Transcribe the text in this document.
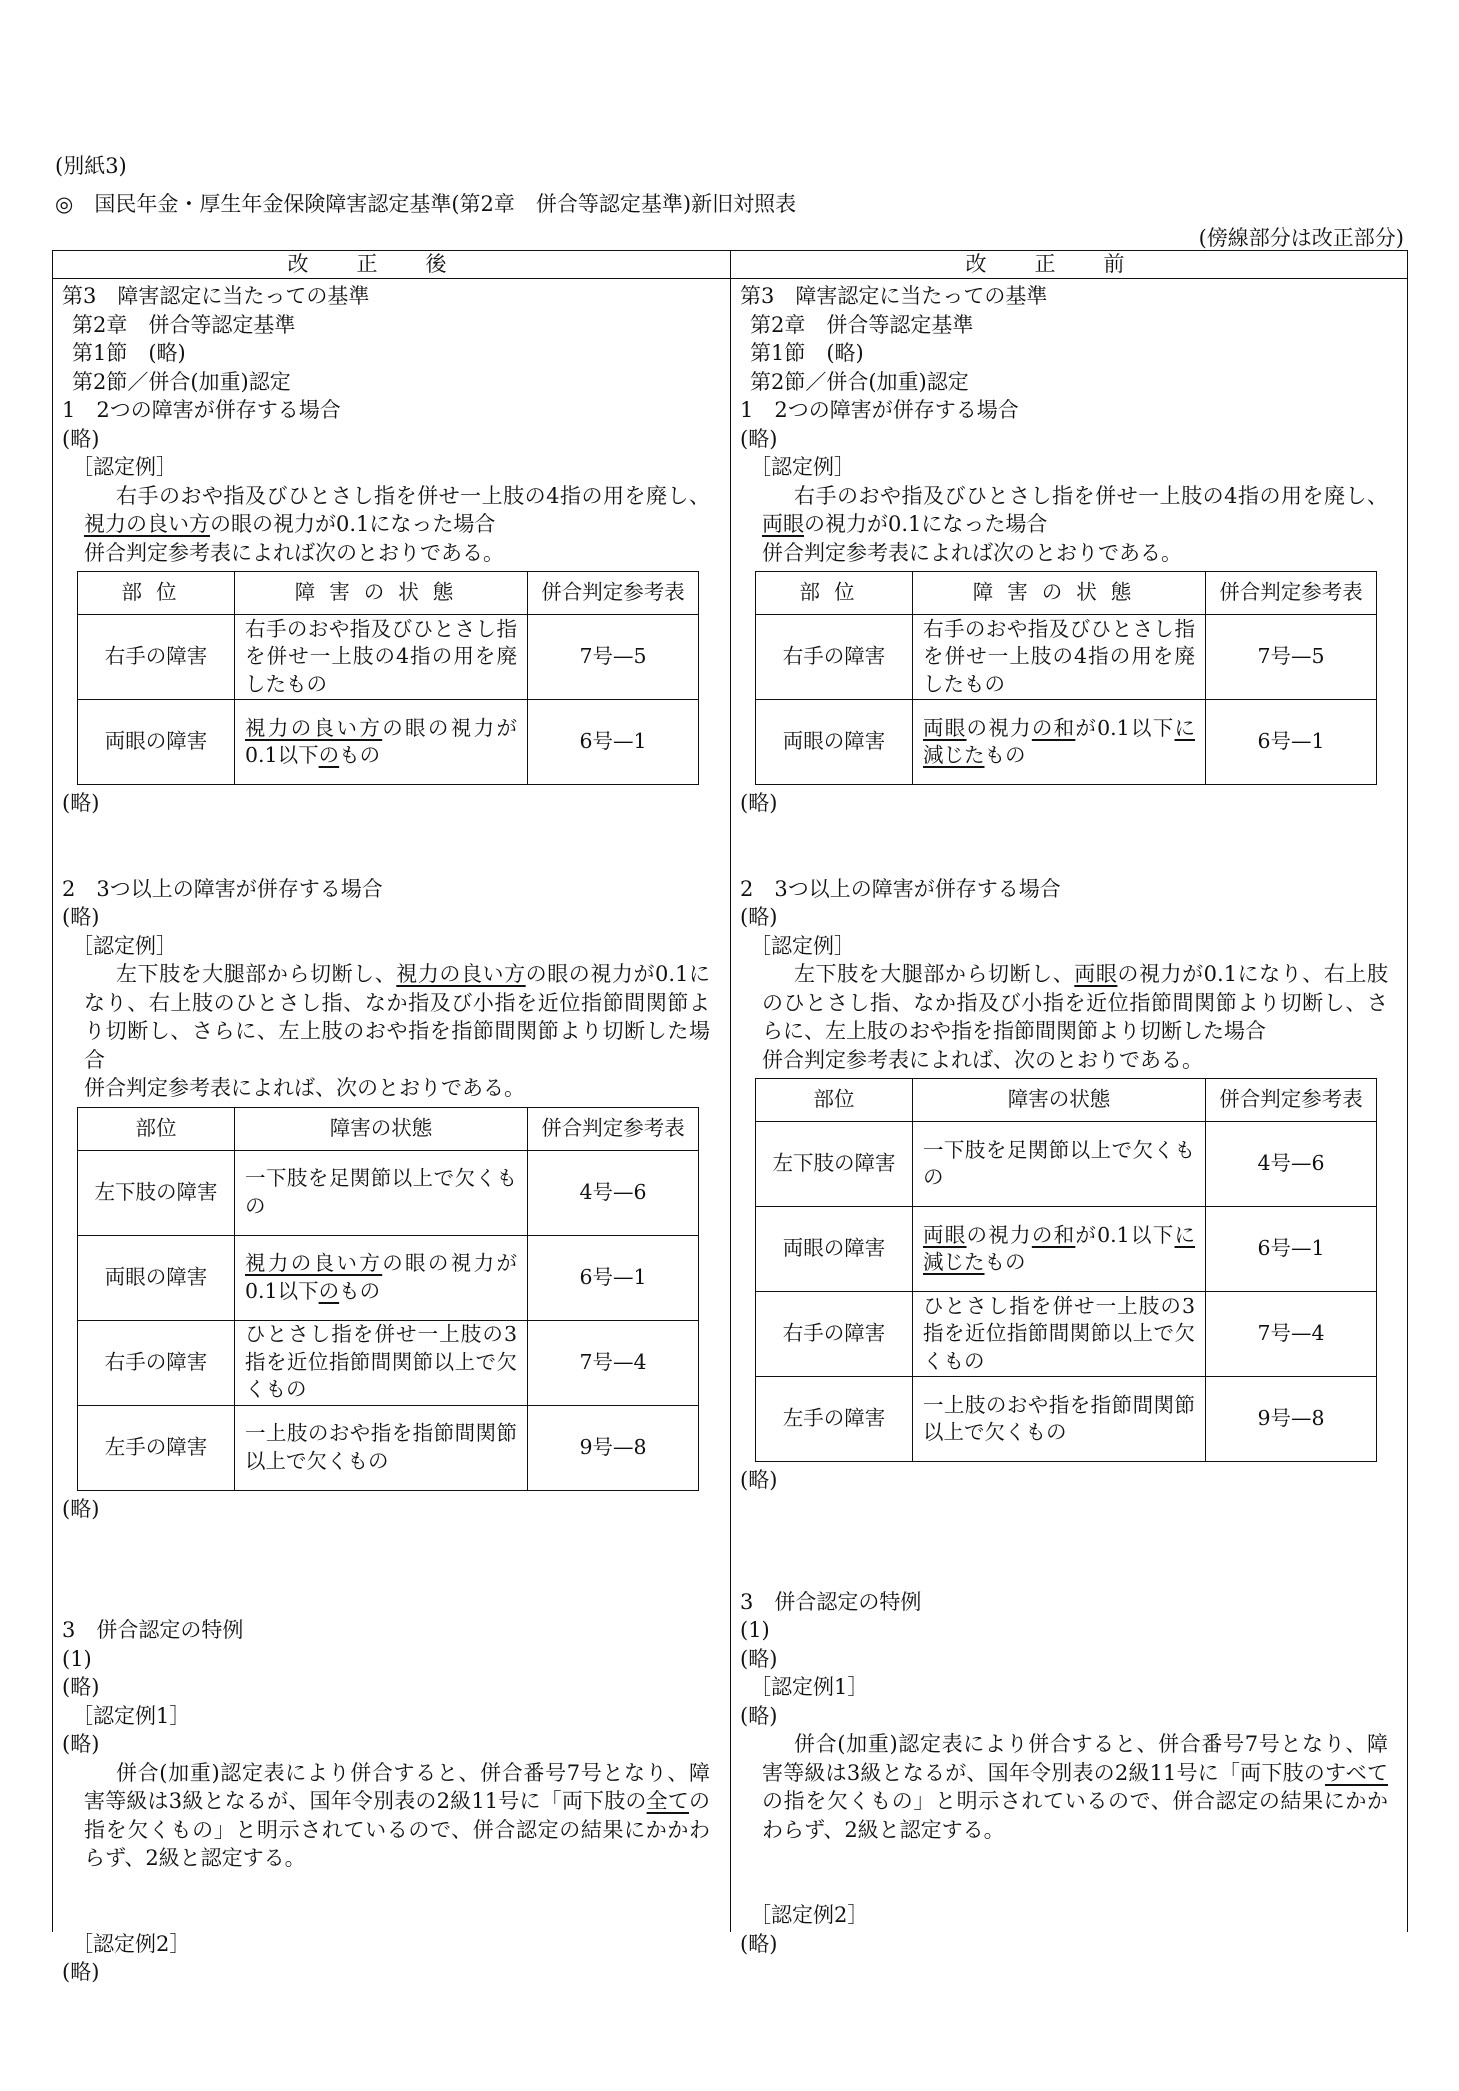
(別紙3)
◎　国民年金・厚生年金保険障害認定基準(第2章　併合等認定基準)新旧対照表
(傍線部分は改正部分)
改正後	改正前
第3　障害認定に当たっての基準
第2章　併合等認定基準
第1節　(略)
第2節／併合(加重)認定
1　2つの障害が併存する場合
(略)
［認定例］
右手のおや指及びひとさし指を併せ一上肢の4指の用を廃し、視力の良い方の眼の視力が0.1になった場合
併合判定参考表によれば次のとおりである。
部位	障害の状態	併合判定参考表
右手の障害	右手のおや指及びひとさし指を併せ一上肢の4指の用を廃したもの	7号—5
両眼の障害	視力の良い方の眼の視力が0.1以下のもの	6号—1
(略)
2　3つ以上の障害が併存する場合
(略)
［認定例］
左下肢を大腿部から切断し、視力の良い方の眼の視力が0.1になり、右上肢のひとさし指、なか指及び小指を近位指節間関節より切断し、さらに、左上肢のおや指を指節間関節より切断した場合
併合判定参考表によれば、次のとおりである。
部位	障害の状態	併合判定参考表
左下肢の障害	一下肢を足関節以上で欠くもの	4号—6
両眼の障害	視力の良い方の眼の視力が0.1以下のもの	6号—1
右手の障害	ひとさし指を併せ一上肢の3指を近位指節間関節以上で欠くもの	7号—4
左手の障害	一上肢のおや指を指節間関節以上で欠くもの	9号—8
(略)
3　併合認定の特例
(1)
(略)
［認定例1］
(略)
併合(加重)認定表により併合すると、併合番号7号となり、障害等級は3級となるが、国年令別表の2級11号に「両下肢の全ての指を欠くもの」と明示されているので、併合認定の結果にかかわらず、2級と認定する。
［認定例2］
(略)
第3　障害認定に当たっての基準
第2章　併合等認定基準
第1節　(略)
第2節／併合(加重)認定
1　2つの障害が併存する場合
(略)
［認定例］
右手のおや指及びひとさし指を併せ一上肢の4指の用を廃し、両眼の視力が0.1になった場合
併合判定参考表によれば次のとおりである。
部位	障害の状態	併合判定参考表
右手の障害	右手のおや指及びひとさし指を併せ一上肢の4指の用を廃したもの	7号—5
両眼の障害	両眼の視力の和が0.1以下に減じたもの	6号—1
(略)
2　3つ以上の障害が併存する場合
(略)
［認定例］
左下肢を大腿部から切断し、両眼の視力が0.1になり、右上肢のひとさし指、なか指及び小指を近位指節間関節より切断し、さらに、左上肢のおや指を指節間関節より切断した場合
併合判定参考表によれば、次のとおりである。
部位	障害の状態	併合判定参考表
左下肢の障害	一下肢を足関節以上で欠くもの	4号—6
両眼の障害	両眼の視力の和が0.1以下に減じたもの	6号—1
右手の障害	ひとさし指を併せ一上肢の3指を近位指節間関節以上で欠くもの	7号—4
左手の障害	一上肢のおや指を指節間関節以上で欠くもの	9号—8
(略)
3　併合認定の特例
(1)
(略)
［認定例1］
(略)
併合(加重)認定表により併合すると、併合番号7号となり、障害等級は3級となるが、国年令別表の2級11号に「両下肢のすべての指を欠くもの」と明示されているので、併合認定の結果にかかわらず、2級と認定する。
［認定例2］
(略)
